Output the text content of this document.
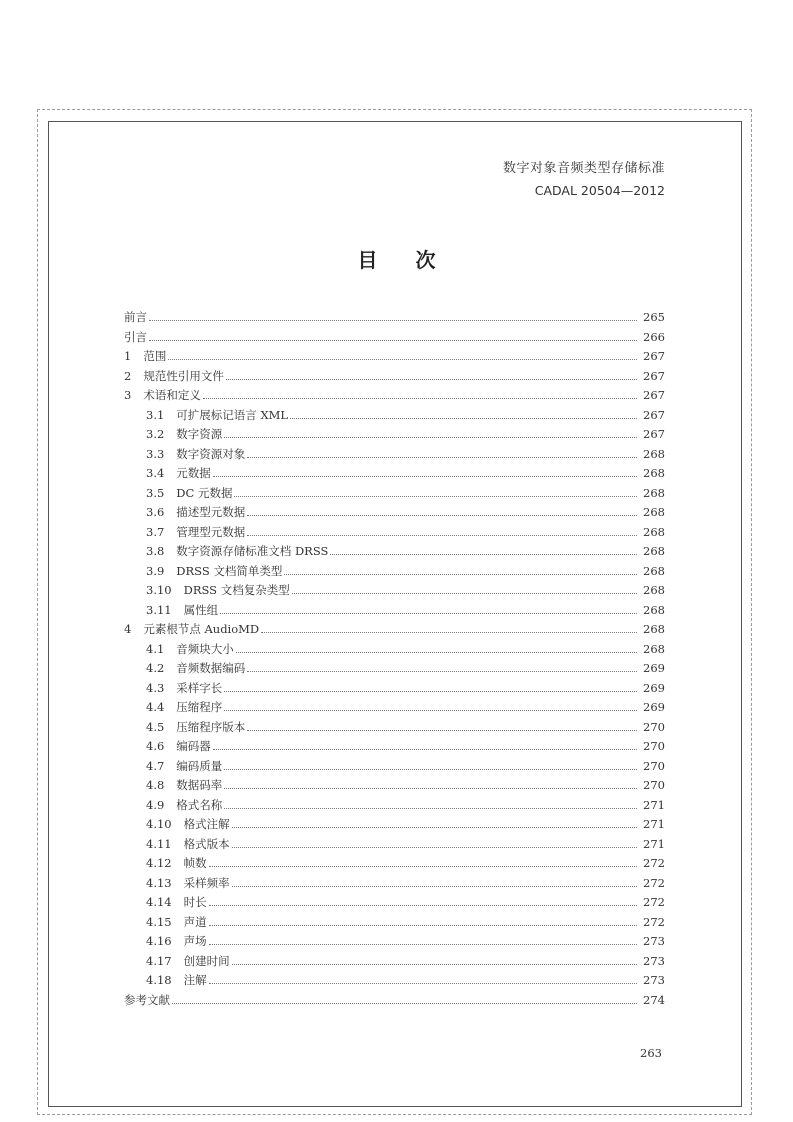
数字对象音频类型存储标准
CADAL 20504—2012
目 次
前言	265
引言	266
1 范围	267
2 规范性引用文件	267
3 术语和定义	267
3.1 可扩展标记语言 XML	267
3.2 数字资源	267
3.3 数字资源对象	268
3.4 元数据	268
3.5 DC 元数据	268
3.6 描述型元数据	268
3.7 管理型元数据	268
3.8 数字资源存储标准文档 DRSS	268
3.9 DRSS 文档简单类型	268
3.10 DRSS 文档复杂类型	268
3.11 属性组	268
4 元素根节点 AudioMD	268
4.1 音频块大小	268
4.2 音频数据编码	269
4.3 采样字长	269
4.4 压缩程序	269
4.5 压缩程序版本	270
4.6 编码器	270
4.7 编码质量	270
4.8 数据码率	270
4.9 格式名称	271
4.10 格式注解	271
4.11 格式版本	271
4.12 帧数	272
4.13 采样频率	272
4.14 时长	272
4.15 声道	272
4.16 声场	273
4.17 创建时间	273
4.18 注解	273
参考文献	274
263
